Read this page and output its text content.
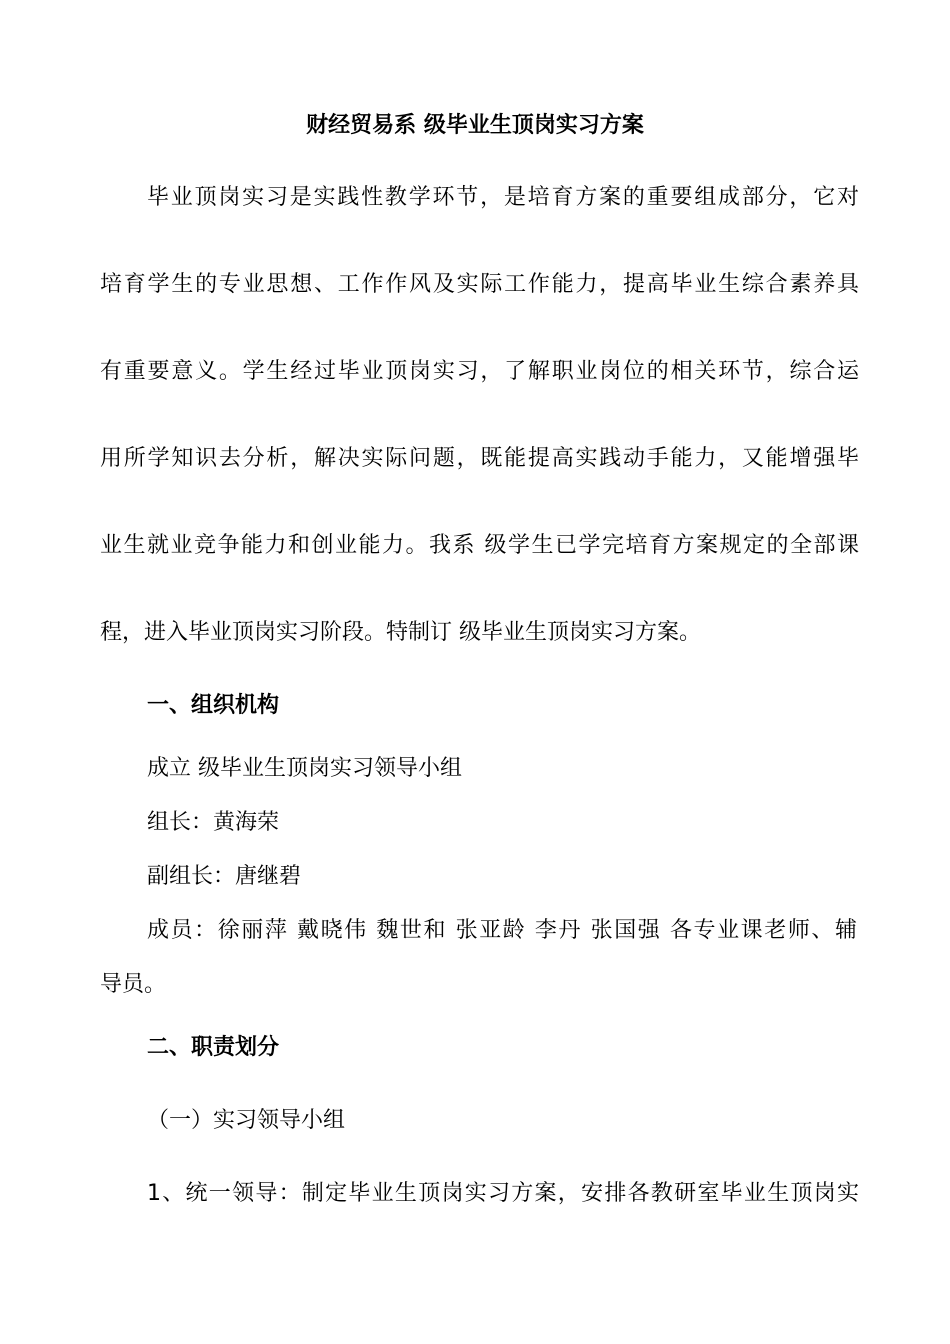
财经贸易系 级毕业生顶岗实习方案

毕业顶岗实习是实践性教学环节，是培育方案的重要组成部分，它对

培育学生的专业思想、工作作风及实际工作能力，提高毕业生综合素养具

有重要意义。学生经过毕业顶岗实习，了解职业岗位的相关环节，综合运

用所学知识去分析，解决实际问题，既能提高实践动手能力，又能增强毕

业生就业竞争能力和创业能力。我系 级学生已学完培育方案规定的全部课

程，进入毕业顶岗实习阶段。特制订 级毕业生顶岗实习方案。

一、组织机构

成立 级毕业生顶岗实习领导小组

组长：黄海荣

副组长：唐继碧

成员：徐丽萍 戴晓伟 魏世和 张亚龄 李丹 张国强 各专业课老师、辅

导员。

二、职责划分

（一）实习领导小组

1、统一领导：制定毕业生顶岗实习方案，安排各教研室毕业生顶岗实
